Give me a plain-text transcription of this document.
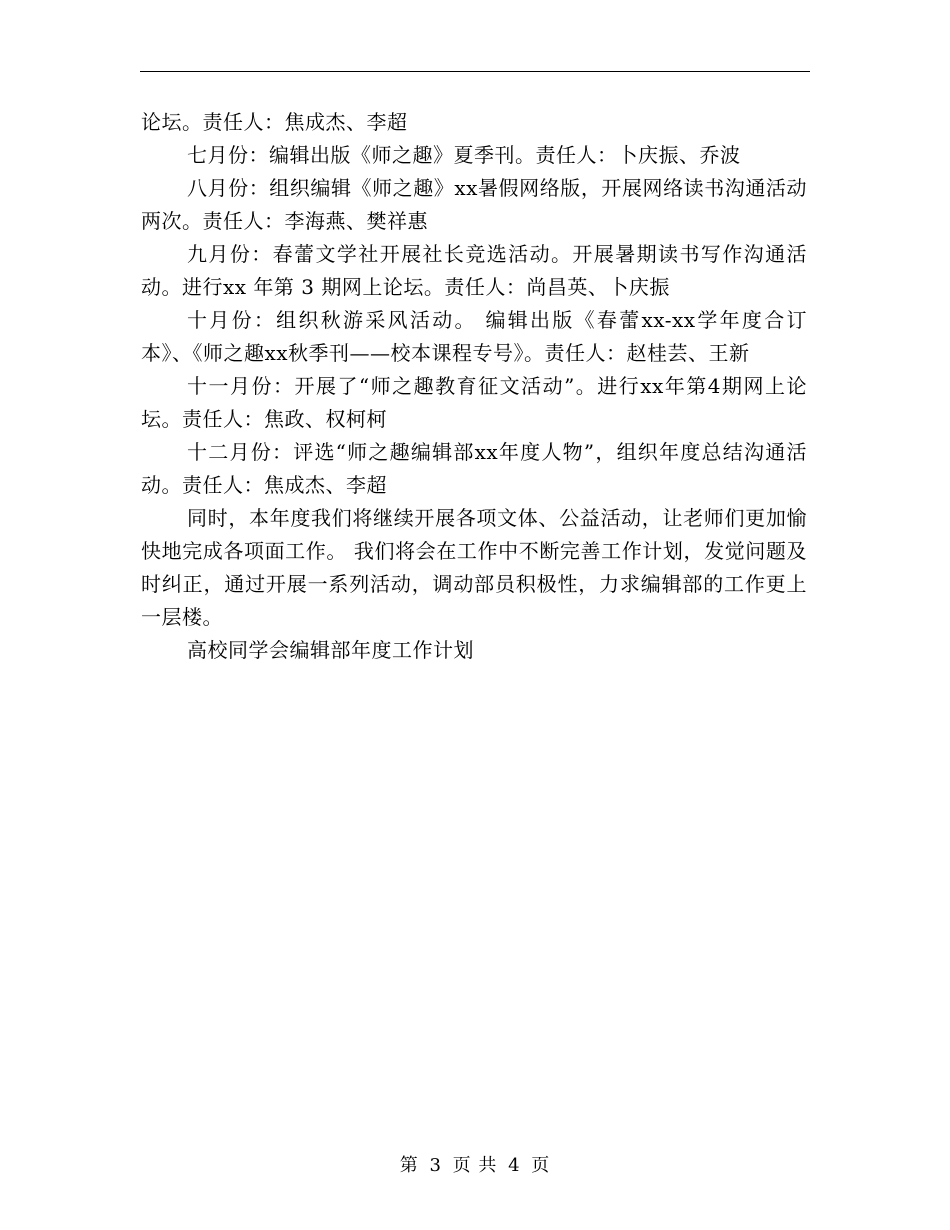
论坛。责任人：焦成杰、李超

七月份：编辑出版《师之趣》夏季刊。责任人：卜庆振、乔波

八月份：组织编辑《师之趣》xx暑假网络版，开展网络读书沟通活动两次。责任人：李海燕、樊祥惠

九月份：春蕾文学社开展社长竞选活动。开展暑期读书写作沟通活动。进行xx 年第 3 期网上论坛。责任人：尚昌英、卜庆振

十月份：组织秋游采风活动。 编辑出版《春蕾xx-xx学年度合订本》、《师之趣xx秋季刊——校本课程专号》。责任人：赵桂芸、王新

十一月份：开展了“师之趣教育征文活动”。进行xx年第4期网上论坛。责任人：焦政、权柯柯

十二月份：评选“师之趣编辑部xx年度人物”，组织年度总结沟通活动。责任人：焦成杰、李超

同时，本年度我们将继续开展各项文体、公益活动，让老师们更加愉快地完成各项面工作。 我们将会在工作中不断完善工作计划，发觉问题及时纠正，通过开展一系列活动，调动部员积极性，力求编辑部的工作更上一层楼。

高校同学会编辑部年度工作计划

第 3 页 共 4 页
